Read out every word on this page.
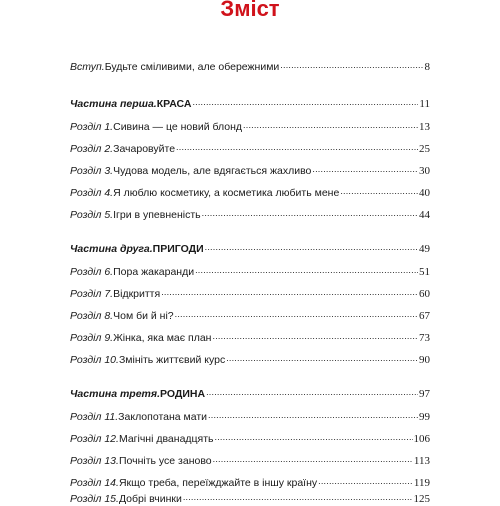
Зміст
Вступ. Будьте сміливими, але обережними .....	8
Частина перша. КРАСА .....	11
Розділ 1. Сивина — це новий блонд .....	13
Розділ 2. Зачаровуйте .....	25
Розділ 3. Чудова модель, але вдягається жахливо .....	30
Розділ 4. Я люблю косметику, а косметика любить мене .....	40
Розділ 5. Ігри в упевненість .....	44
Частина друга. ПРИГОДИ .....	49
Розділ 6. Пора жакаранди .....	51
Розділ 7. Відкриття .....	60
Розділ 8. Чом би й ні? .....	67
Розділ 9. Жінка, яка має план .....	73
Розділ 10. Змініть життєвий курс .....	90
Частина третя. РОДИНА .....	97
Розділ 11. Заклопотана мати .....	99
Розділ 12. Магічні дванадцять .....	106
Розділ 13. Почніть усе заново .....	113
Розділ 14. Якщо треба, переїжджайте в іншу країну .....	119
Розділ 15. Добрі вчинки .....	125
